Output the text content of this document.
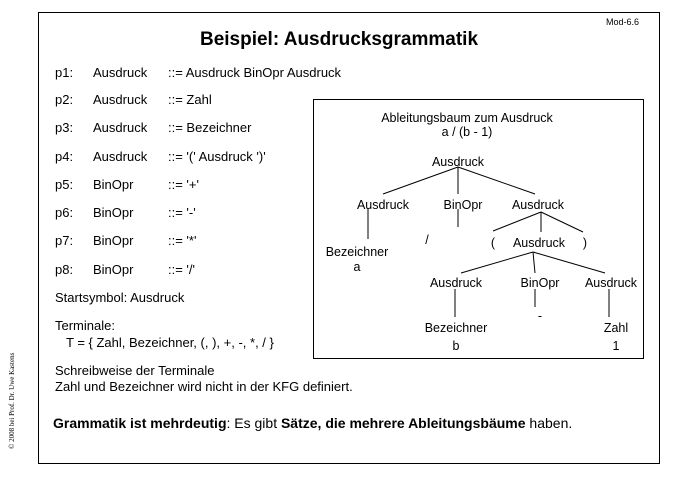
Mod-6.6
Beispiel: Ausdrucksgrammatik
p1: Ausdruck ::= Ausdruck BinOpr Ausdruck
p2: Ausdruck ::= Zahl
p3: Ausdruck ::= Bezeichner
p4: Ausdruck ::= '(' Ausdruck ')'
p5: BinOpr	::= '+'
p6: BinOpr	::= '-'
p7: BinOpr	::= '*'
p8: BinOpr	::= '/'
Startsymbol: Ausdruck
Terminale:
T = { Zahl, Bezeichner, (, ), +, -, *, / }
Schreibweise der Terminale
Zahl und Bezeichner wird nicht in der KFG definiert.
Grammatik ist mehrdeutig: Es gibt Sätze, die mehrere Ableitungsbäume haben.
© 2008 bei Prof. Dr. Uwe Kastens
Ableitungsbaum zum Ausdruck
a / (b - 1)
Ausdruck
Ausdruck	BinOpr Ausdruck
Bezeichner
a
/	( Ausdruck )
Ausdruck	BinOpr Ausdruck
Bezeichner
b
-
Zahl
1
